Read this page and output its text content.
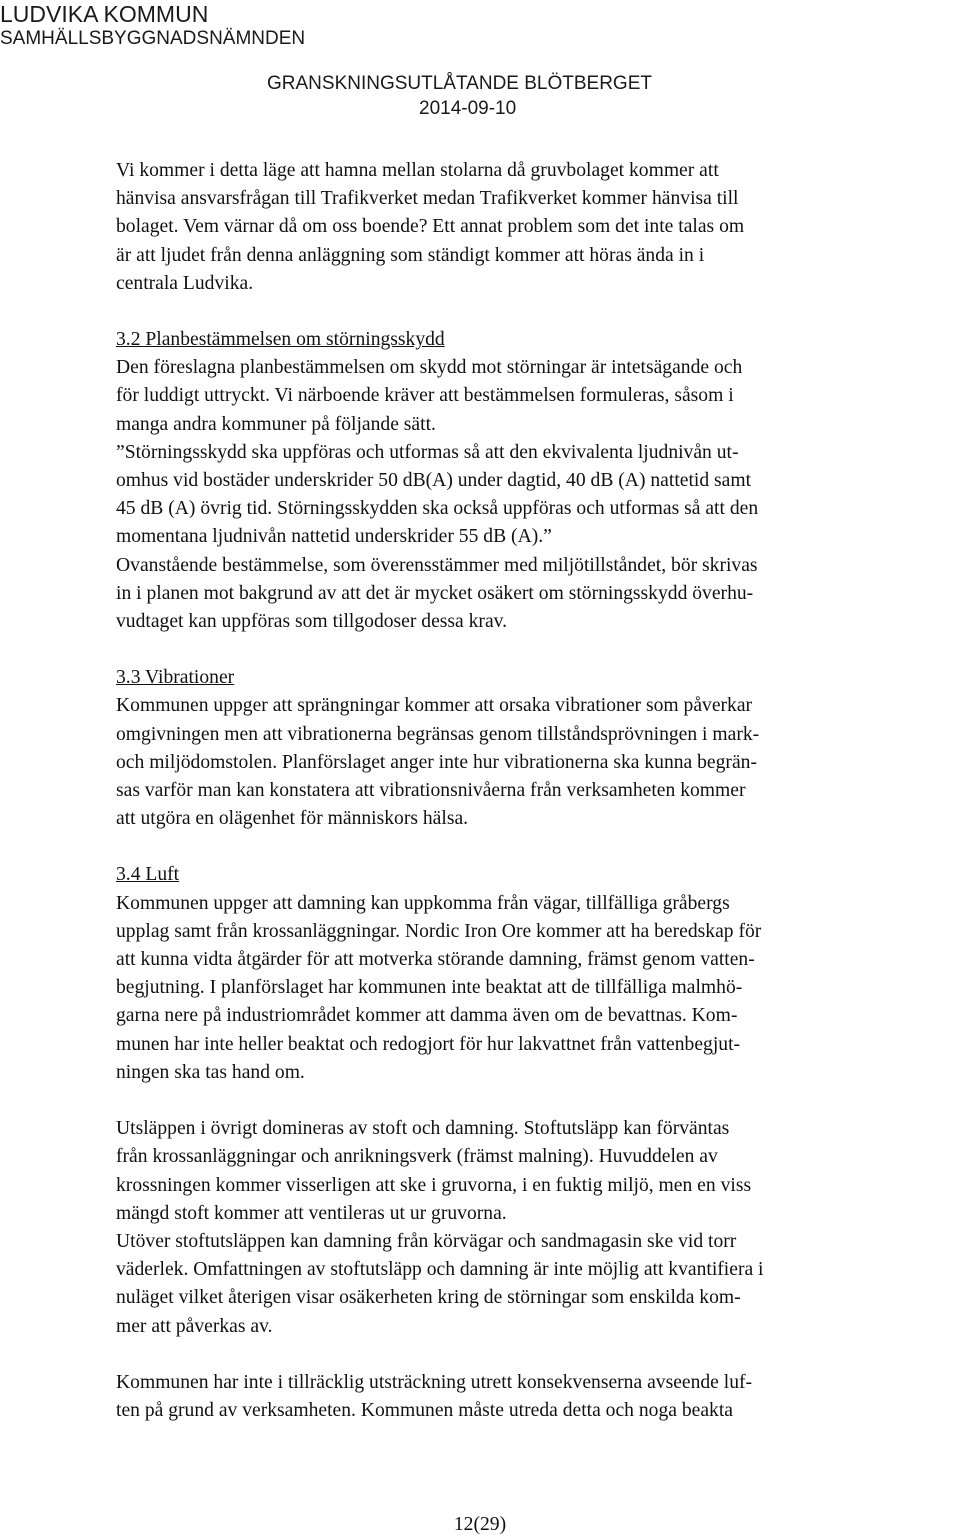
LUDVIKA KOMMUN
SAMHÄLLSBYGGNADSNÄMNDEN
GRANSKNINGSUTLÅTANDE BLÖTBERGET
2014-09-10

Vi kommer i detta läge att hamna mellan stolarna då gruvbolaget kommer att

hänvisa ansvarsfrågan till Trafikverket medan Trafikverket kommer hänvisa till

bolaget. Vem värnar då om oss boende? Ett annat problem som det inte talas om

är att ljudet från denna anläggning som ständigt kommer att höras ända in i

centrala Ludvika.

3.2 Planbestämmelsen om störningsskydd

Den föreslagna planbestämmelsen om skydd mot störningar är intetsägande och

för luddigt uttryckt. Vi närboende kräver att bestämmelsen formuleras, såsom i

manga andra kommuner på följande sätt.

”Störningsskydd ska uppföras och utformas så att den ekvivalenta ljudnivån ut-

omhus vid bostäder underskrider 50 dB(A) under dagtid, 40 dB (A) nattetid samt

45 dB (A) övrig tid. Störningsskydden ska också uppföras och utformas så att den

momentana ljudnivån nattetid underskrider 55 dB (A).”

Ovanstående bestämmelse, som överensstämmer med miljötillståndet, bör skrivas

in i planen mot bakgrund av att det är mycket osäkert om störningsskydd överhu-

vudtaget kan uppföras som tillgodoser dessa krav.

3.3 Vibrationer

Kommunen uppger att sprängningar kommer att orsaka vibrationer som påverkar

omgivningen men att vibrationerna begränsas genom tillståndsprövningen i mark-

och miljödomstolen. Planförslaget anger inte hur vibrationerna ska kunna begrän-

sas varför man kan konstatera att vibrationsnivåerna från verksamheten kommer

att utgöra en olägenhet för människors hälsa.

3.4 Luft

Kommunen uppger att damning kan uppkomma från vägar, tillfälliga gråbergs

upplag samt från krossanläggningar. Nordic Iron Ore kommer att ha beredskap för

att kunna vidta åtgärder för att motverka störande damning, främst genom vatten-

begjutning. I planförslaget har kommunen inte beaktat att de tillfälliga malmhö-

garna nere på industriområdet kommer att damma även om de bevattnas. Kom-

munen har inte heller beaktat och redogjort för hur lakvattnet från vattenbegjut-

ningen ska tas hand om.

Utsläppen i övrigt domineras av stoft och damning. Stoftutsläpp kan förväntas

från krossanläggningar och anrikningsverk (främst malning). Huvuddelen av

krossningen kommer visserligen att ske i gruvorna, i en fuktig miljö, men en viss

mängd stoft kommer att ventileras ut ur gruvorna.

Utöver stoftutsläppen kan damning från körvägar och sandmagasin ske vid torr

väderlek. Omfattningen av stoftutsläpp och damning är inte möjlig att kvantifiera i

nuläget vilket återigen visar osäkerheten kring de störningar som enskilda kom-

mer att påverkas av.

Kommunen har inte i tillräcklig utsträckning utrett konsekvenserna avseende luf-

ten på grund av verksamheten. Kommunen måste utreda detta och noga beakta

12(29)
